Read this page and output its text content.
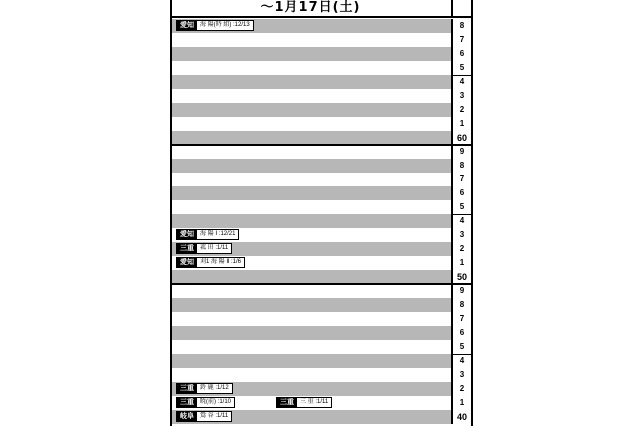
～1月17日(土)
愛知	海 陽(時 組) :12/13	8
7
6
5
4
3
2
1
60
9
8
7
6
5
4
愛知	海 陽 Ⅰ :12/21	3
三重	菰 田 :1/11	2
愛知	刈1 海 陽 Ⅱ :1/6	1
50
9
8
7
6
5
4
3
三重	鈴 鹿 :1/12	2
三重	暁(前) :1/10	三重	三 重 :1/11	1
岐阜	鶯 谷 :1/11	40
